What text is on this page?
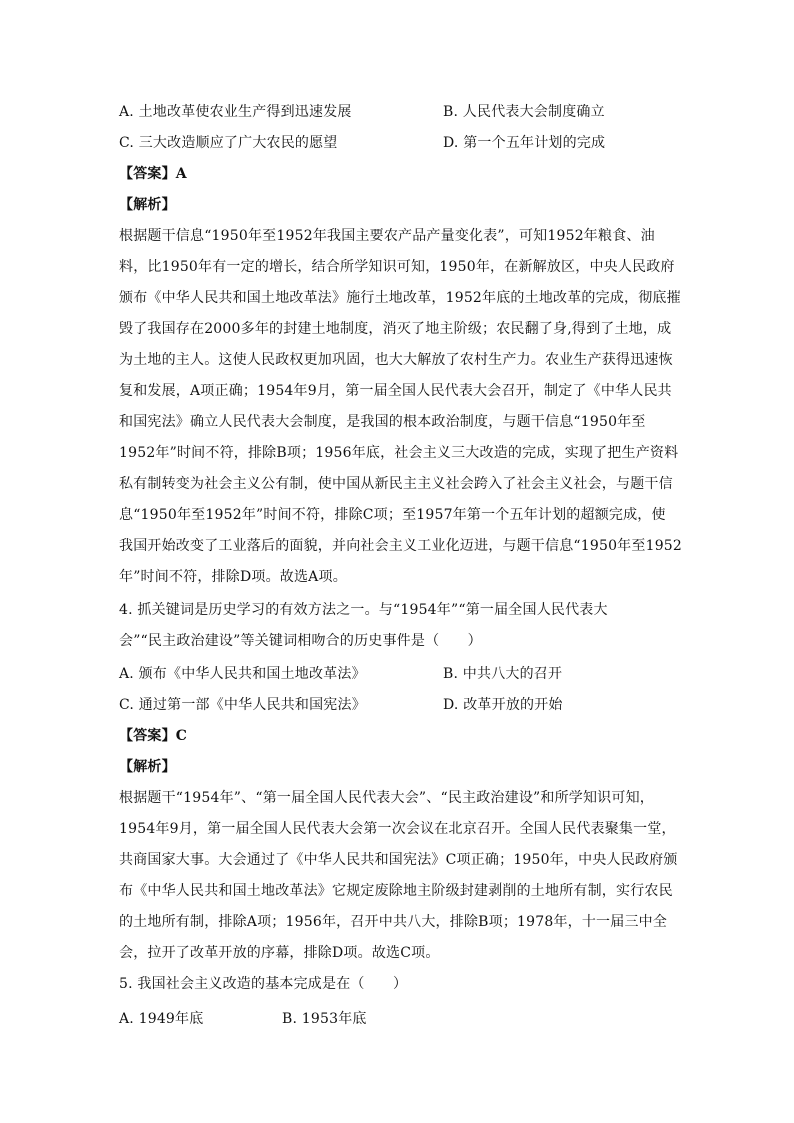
A. 土地改革使农业生产得到迅速发展	B. 人民代表大会制度确立
C. 三大改造顺应了广大农民的愿望	D. 第一个五年计划的完成
【答案】A
【解析】
根据题干信息“1950年至1952年我国主要农产品产量变化表”，可知1952年粮食、油
料，比1950年有一定的增长，结合所学知识可知，1950年，在新解放区，中央人民政府
颁布《中华人民共和国土地改革法》施行土地改革，1952年底的土地改革的完成，彻底摧
毁了我国存在2000多年的封建土地制度，消灭了地主阶级；农民翻了身,得到了土地，成
为土地的主人。这使人民政权更加巩固，也大大解放了农村生产力。农业生产获得迅速恢
复和发展，A项正确；1954年9月，第一届全国人民代表大会召开，制定了《中华人民共
和国宪法》确立人民代表大会制度，是我国的根本政治制度，与题干信息“1950年至
1952年”时间不符，排除B项；1956年底，社会主义三大改造的完成，实现了把生产资料
私有制转变为社会主义公有制，使中国从新民主主义社会跨入了社会主义社会，与题干信
息“1950年至1952年”时间不符，排除C项；至1957年第一个五年计划的超额完成，使
我国开始改变了工业落后的面貌，并向社会主义工业化迈进，与题干信息“1950年至1952
年”时间不符，排除D项。故选A项。
4. 抓关键词是历史学习的有效方法之一。与“1954年”“第一届全国人民代表大
会”“民主政治建设”等关键词相吻合的历史事件是（　　）
A. 颁布《中华人民共和国土地改革法》	B. 中共八大的召开
C. 通过第一部《中华人民共和国宪法》	D. 改革开放的开始
【答案】C
【解析】
根据题干“1954年”、“第一届全国人民代表大会”、“民主政治建设”和所学知识可知，
1954年9月，第一届全国人民代表大会第一次会议在北京召开。全国人民代表聚集一堂，
共商国家大事。大会通过了《中华人民共和国宪法》C项正确；1950年，中央人民政府颁
布《中华人民共和国土地改革法》它规定废除地主阶级封建剥削的土地所有制，实行农民
的土地所有制，排除A项；1956年，召开中共八大，排除B项；1978年，十一届三中全
会，拉开了改革开放的序幕，排除D项。故选C项。
5. 我国社会主义改造的基本完成是在（　　）
A. 1949年底	B. 1953年底
